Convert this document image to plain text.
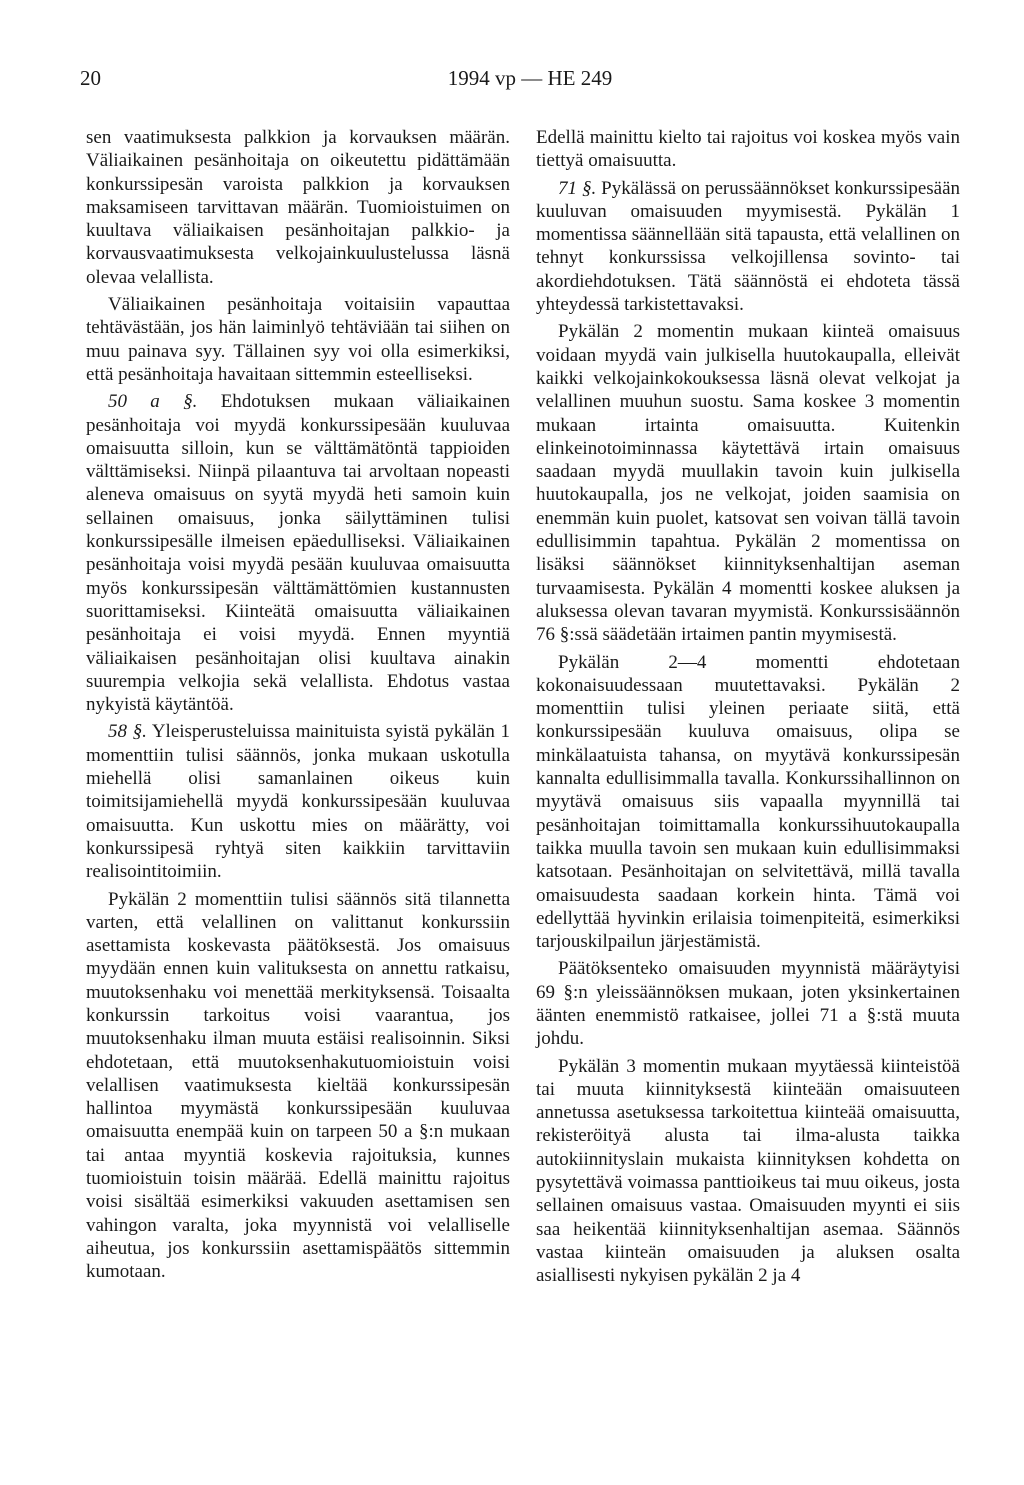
20	1994 vp — HE 249

sen vaatimuksesta palkkion ja korvauksen määrän. Väliaikainen pesänhoitaja on oikeutettu pidättämään konkurssipesän varoista palkkion ja korvauksen maksamiseen tarvittavan määrän. Tuomioistuimen on kuultava väliaikaisen pesänhoitajan palkkio- ja korvausvaatimuksesta velkojainkuulustelussa läsnä olevaa velallista.

Väliaikainen pesänhoitaja voitaisiin vapauttaa tehtävästään, jos hän laiminlyö tehtäviään tai siihen on muu painava syy. Tällainen syy voi olla esimerkiksi, että pesänhoitaja havaitaan sittemmin esteelliseksi.

50 a §. Ehdotuksen mukaan väliaikainen pesänhoitaja voi myydä konkurssipesään kuuluvaa omaisuutta silloin, kun se välttämätöntä tappioiden välttämiseksi. Niinpä pilaantuva tai arvoltaan nopeasti aleneva omaisuus on syytä myydä heti samoin kuin sellainen omaisuus, jonka säilyttäminen tulisi konkurssipesälle ilmeisen epäedulliseksi. Väliaikainen pesänhoitaja voisi myydä pesään kuuluvaa omaisuutta myös konkurssipesän välttämättömien kustannusten suorittamiseksi. Kiinteätä omaisuutta väliaikainen pesänhoitaja ei voisi myydä. Ennen myyntiä väliaikaisen pesänhoitajan olisi kuultava ainakin suurempia velkojia sekä velallista. Ehdotus vastaa nykyistä käytäntöä.

58 §. Yleisperusteluissa mainituista syistä pykälän 1 momenttiin tulisi säännös, jonka mukaan uskotulla miehellä olisi samanlainen oikeus kuin toimitsijamiehellä myydä konkurssipesään kuuluvaa omaisuutta. Kun uskottu mies on määrätty, voi konkurssipesä ryhtyä siten kaikkiin tarvittaviin realisointitoimiin.

Pykälän 2 momenttiin tulisi säännös sitä tilannetta varten, että velallinen on valittanut konkurssiin asettamista koskevasta päätöksestä. Jos omaisuus myydään ennen kuin valituksesta on annettu ratkaisu, muutoksenhaku voi menettää merkityksensä. Toisaalta konkurssin tarkoitus voisi vaarantua, jos muutoksenhaku ilman muuta estäisi realisoinnin. Siksi ehdotetaan, että muutoksenhakutuomioistuin voisi velallisen vaatimuksesta kieltää konkurssipesän hallintoa myymästä konkurssipesään kuuluvaa omaisuutta enempää kuin on tarpeen 50 a §:n mukaan tai antaa myyntiä koskevia rajoituksia, kunnes tuomioistuin toisin määrää. Edellä mainittu rajoitus voisi sisältää esimerkiksi vakuuden asettamisen sen vahingon varalta, joka myynnistä voi velalliselle aiheutua, jos konkurssiin asettamispäätös sittemmin kumotaan.

Edellä mainittu kielto tai rajoitus voi koskea myös vain tiettyä omaisuutta.

71 §. Pykälässä on perussäännökset konkurssipesään kuuluvan omaisuuden myymisestä. Pykälän 1 momentissa säännellään sitä tapausta, että velallinen on tehnyt konkurssissa velkojillensa sovinto- tai akordiehdotuksen. Tätä säännöstä ei ehdoteta tässä yhteydessä tarkistettavaksi.

Pykälän 2 momentin mukaan kiinteä omaisuus voidaan myydä vain julkisella huutokaupalla, elleivät kaikki velkojainkokouksessa läsnä olevat velkojat ja velallinen muuhun suostu. Sama koskee 3 momentin mukaan irtainta omaisuutta. Kuitenkin elinkeinotoiminnassa käytettävä irtain omaisuus saadaan myydä muullakin tavoin kuin julkisella huutokaupalla, jos ne velkojat, joiden saamisia on enemmän kuin puolet, katsovat sen voivan tällä tavoin edullisimmin tapahtua. Pykälän 2 momentissa on lisäksi säännökset kiinnityksenhaltijan aseman turvaamisesta. Pykälän 4 momentti koskee aluksen ja aluksessa olevan tavaran myymistä. Konkurssisäännön 76 §:ssä säädetään irtaimen pantin myymisestä.

Pykälän 2—4 momentti ehdotetaan kokonaisuudessaan muutettavaksi. Pykälän 2 momenttiin tulisi yleinen periaate siitä, että konkurssipesään kuuluva omaisuus, olipa se minkälaatuista tahansa, on myytävä konkurssipesän kannalta edullisimmalla tavalla. Konkurssihallinnon on myytävä omaisuus siis vapaalla myynnillä tai pesänhoitajan toimittamalla konkurssihuutokaupalla taikka muulla tavoin sen mukaan kuin edullisimmaksi katsotaan. Pesänhoitajan on selvitettävä, millä tavalla omaisuudesta saadaan korkein hinta. Tämä voi edellyttää hyvinkin erilaisia toimenpiteitä, esimerkiksi tarjouskilpailun järjestämistä.

Päätöksenteko omaisuuden myynnistä määräytyisi 69 §:n yleissäännöksen mukaan, joten yksinkertainen äänten enemmistö ratkaisee, jollei 71 a §:stä muuta johdu.

Pykälän 3 momentin mukaan myytäessä kiinteistöä tai muuta kiinnityksestä kiinteään omaisuuteen annetussa asetuksessa tarkoitettua kiinteää omaisuutta, rekisteröityä alusta tai ilma-alusta taikka autokiinnityslain mukaista kiinnityksen kohdetta on pysytettävä voimassa panttioikeus tai muu oikeus, josta sellainen omaisuus vastaa. Omaisuuden myynti ei siis saa heikentää kiinnityksenhaltijan asemaa. Säännös vastaa kiinteän omaisuuden ja aluksen osalta asiallisesti nykyisen pykälän 2 ja 4
